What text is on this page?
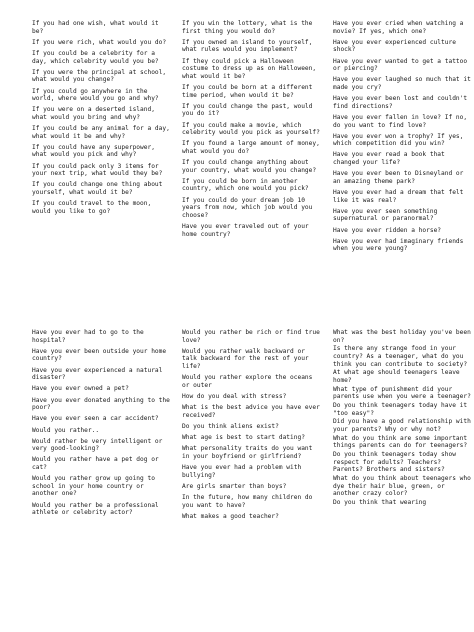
If you had one wish, what would it be?
If you were rich, what would you do?
If you could be a celebrity for a day, which celebrity would you be?
If you were the principal at school, what would you change?
If you could go anywhere in the world, where would you go and why?
If you were on a deserted island, what would you bring and why?
If you could be any animal for a day, what would it be and why?
If you could have any superpower, what would you pick and why?
If you could pack only 3 items for your next trip, what would they be?
If you could change one thing about yourself, what would it be?
If you could travel to the moon, would you like to go?
If you win the lottery, what is the first thing you would do?
If you owned an island to yourself, what rules would you implement?
If they could pick a Halloween costume to dress up as on Halloween, what would it be?
If you could be born at a different time period, when would it be?
If you could change the past, would you do it?
If you could make a movie, which celebrity would you pick as yourself?
If you found a large amount of money, what would you do?
If you could change anything about your country, what would you change?
If you could be born in another country, which one would you pick?
If you could do your dream job 10 years from now, which job would you choose?
Have you ever traveled out of your home country?
Have you ever cried when watching a movie? If yes, which one?
Have you ever experienced culture shock?
Have you ever wanted to get a tattoo or piercing?
Have you ever laughed so much that it made you cry?
Have you ever been lost and couldn't find directions?
Have you ever fallen in love? If no, do you want to find love?
Have you ever won a trophy? If yes, which competition did you win?
Have you ever read a book that changed your life?
Have you ever been to Disneyland or an amazing theme park?
Have you ever had a dream that felt like it was real?
Have you ever seen something supernatural or paranormal?
Have you ever ridden a horse?
Have you ever had imaginary friends when you were young?
Have you ever had to go to the hospital?
Have you ever been outside your home country?
Have you ever experienced a natural disaster?
Have you ever owned a pet?
Have you ever donated anything to the poor?
Have you ever seen a car accident?
Would you rather..
Would rather be very intelligent or very good-looking?
Would you rather have a pet dog or cat?
Would you rather grow up going to school in your home country or another one?
Would you rather be a professional athlete or celebrity actor?
Would you rather be rich or find true love?
Would you rather walk backward or talk backward for the rest of your life?
Would you rather explore the oceans or outer
How do you deal with stress?
What is the best advice you have ever received?
Do you think aliens exist?
What age is best to start dating?
What personality traits do you want in your boyfriend or girlfriend?
Have you ever had a problem with bullying?
Are girls smarter than boys?
In the future, how many children do you want to have?
What makes a good teacher?
What was the best holiday you've been on?
Is there any strange food in your country? As a teenager, what do you think you can contribute to society?
At what age should teenagers leave home?
What type of punishment did your parents use when you were a teenager?
Do you think teenagers today have it "too easy"?
Did you have a good relationship with your parents? Why or why not?
What do you think are some important things parents can do for teenagers?
Do you think teenagers today show respect for adults? Teachers? Parents? Brothers and sisters?
What do you think about teenagers who dye their hair blue, green, or another crazy color?
Do you think that wearing
